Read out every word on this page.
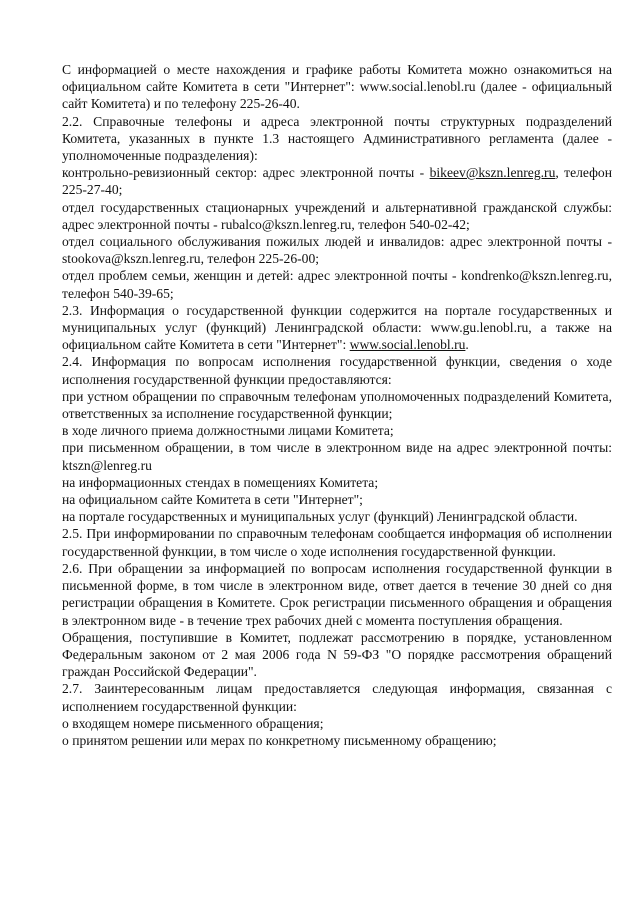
С информацией о месте нахождения и графике работы Комитета можно ознакомиться на официальном сайте Комитета в сети "Интернет": www.social.lenobl.ru (далее - официальный сайт Комитета) и по телефону 225-26-40.

2.2. Справочные телефоны и адреса электронной почты структурных подразделений Комитета, указанных в пункте 1.3 настоящего Административного регламента (далее - уполномоченные подразделения):

контрольно-ревизионный сектор: адрес электронной почты - bikeev@kszn.lenreg.ru, телефон 225-27-40;

отдел государственных стационарных учреждений и альтернативной гражданской службы: адрес электронной почты - rubalco@kszn.lenreg.ru, телефон 540-02-42;

отдел социального обслуживания пожилых людей и инвалидов: адрес электронной почты - stookova@kszn.lenreg.ru, телефон 225-26-00;

отдел проблем семьи, женщин и детей: адрес электронной почты - kondrenko@kszn.lenreg.ru, телефон 540-39-65;

2.3. Информация о государственной функции содержится на портале государственных и муниципальных услуг (функций) Ленинградской области: www.gu.lenobl.ru, а также на официальном сайте Комитета в сети "Интернет": www.social.lenobl.ru.

2.4. Информация по вопросам исполнения государственной функции, сведения о ходе исполнения государственной функции предоставляются:

при устном обращении по справочным телефонам уполномоченных подразделений Комитета, ответственных за исполнение государственной функции;

в ходе личного приема должностными лицами Комитета;

при письменном обращении, в том числе в электронном виде на адрес электронной почты: ktszn@lenreg.ru

на информационных стендах в помещениях Комитета;

на официальном сайте Комитета в сети "Интернет";

на портале государственных и муниципальных услуг (функций) Ленинградской области.

2.5. При информировании по справочным телефонам сообщается информация об исполнении государственной функции, в том числе о ходе исполнения государственной функции.

2.6. При обращении за информацией по вопросам исполнения государственной функции в письменной форме, в том числе в электронном виде, ответ дается в течение 30 дней со дня регистрации обращения в Комитете. Срок регистрации письменного обращения и обращения в электронном виде - в течение трех рабочих дней с момента поступления обращения.

Обращения, поступившие в Комитет, подлежат рассмотрению в порядке, установленном Федеральным законом от 2 мая 2006 года N 59-ФЗ "О порядке рассмотрения обращений граждан Российской Федерации".

2.7. Заинтересованным лицам предоставляется следующая информация, связанная с исполнением государственной функции:

о входящем номере письменного обращения;

о принятом решении или мерах по конкретному письменному обращению;
